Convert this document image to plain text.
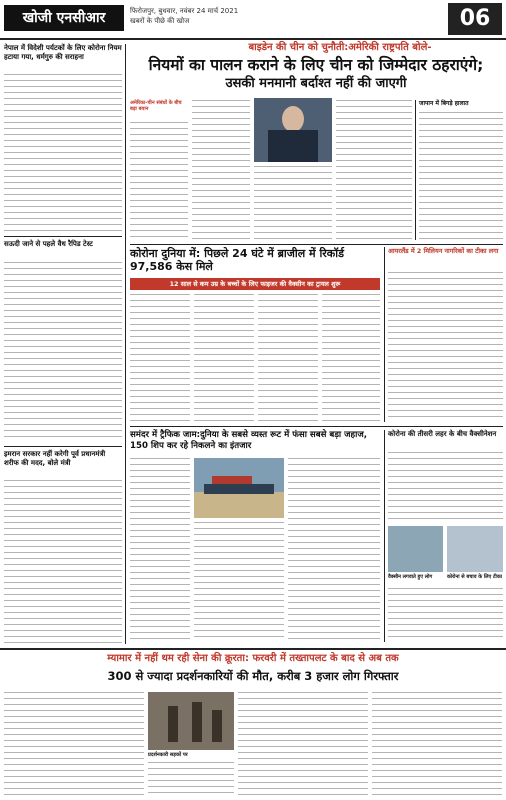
खोजी एनसीआर	फिरोजपुर, बुधवार, नवंबर 24 मार्च 2021
खबरों के पीछे की खोज	06
नेपाल में विदेशी पर्यटकों के लिए कोरोना नियम हटाया गया, धर्मगुरु की सराहना
सऊदी जाने से पहले वैध रैपिड टेस्ट
इमरान सरकार नहीं करेगी पूर्व प्रधानमंत्री शरीफ की मदद, बोले मंत्री
बाइडेन की चीन को चुनौती:अमेरिकी राष्ट्रपति बोले-
नियमों का पालन कराने के लिए चीन को जिम्मेदार ठहराएंगे;
उसकी मनमानी बर्दाश्त नहीं की जाएगी
अमेरिका-चीन संबंधों के बीच बड़ा बयान
जापान में बिगड़े हालात
कोरोना दुनिया में: पिछले 24 घंटे में ब्राजील में रिकॉर्ड 97,586 केस मिले
12 साल से कम उम्र के बच्चों के लिए फाइजर की वैक्सीन का ट्रायल शुरू
आयरलैंड में 2 मिलियन नागरिकों का टीका लगा
समंदर में ट्रैफिक जाम:दुनिया के सबसे व्यस्त रूट में फंसा सबसे बड़ा जहाज, 150 शिप कर रहे निकलने का इंतजार
कोरोना की तीसरी लहर के बीच वैक्सीनेशन
वैक्सीन लगवाते हुए लोग	कोरोना से बचाव के लिए टीका
म्यामार में नहीं थम रही सेना की क्रूरता: फरवरी में तख्तापलट के बाद से अब तक
300 से ज्यादा प्रदर्शनकारियों की मौत, करीब 3 हजार लोग गिरफ्तार
प्रदर्शनकारी सड़कों पर
